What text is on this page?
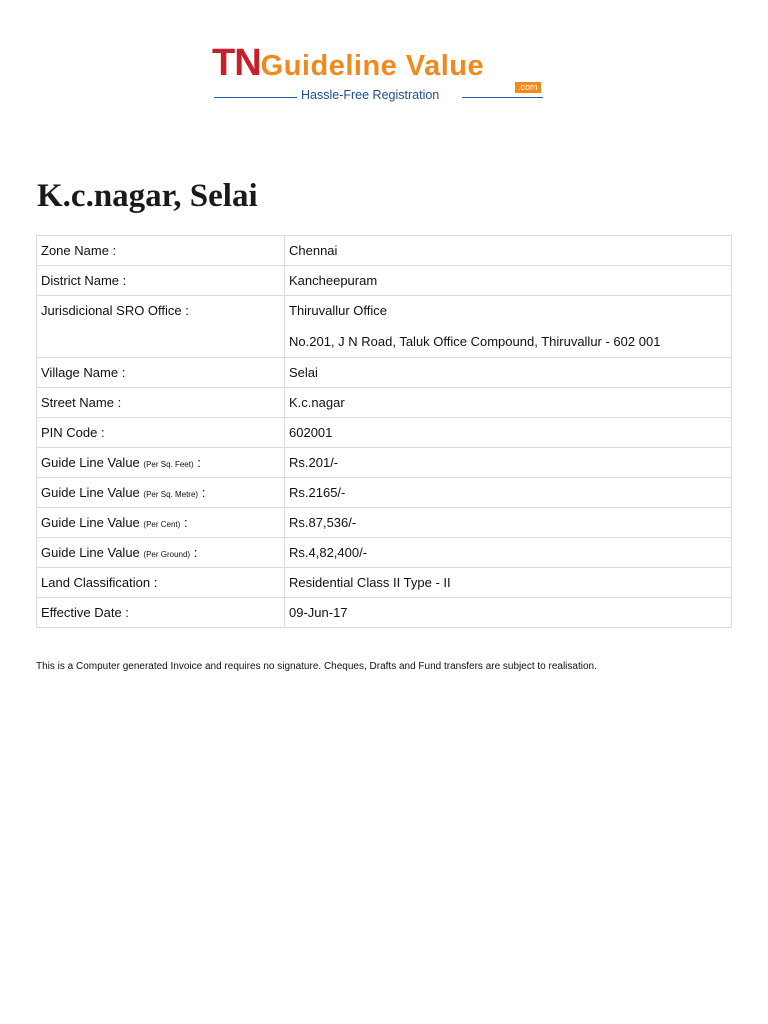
TNGuideline Value
.com
Hassle-Free Registration
K.c.nagar, Selai
Zone Name :	Chennai
District Name :	Kancheepuram
Jurisdicional SRO Office :	Thiruvallur Office
No.201, J N Road, Taluk Office Compound, Thiruvallur - 602 001

Village Name :	Selai
Street Name :	K.c.nagar
PIN Code :	602001
Guide Line Value (Per Sq. Feet) :	Rs.201/-
Guide Line Value (Per Sq. Metre) :	Rs.2165/-
Guide Line Value (Per Cent) :	Rs.87,536/-
Guide Line Value (Per Ground) :	Rs.4,82,400/-
Land Classification :	Residential Class II Type - II
Effective Date :	09-Jun-17
This is a Computer generated Invoice and requires no signature. Cheques, Drafts and Fund transfers are subject to realisation.
